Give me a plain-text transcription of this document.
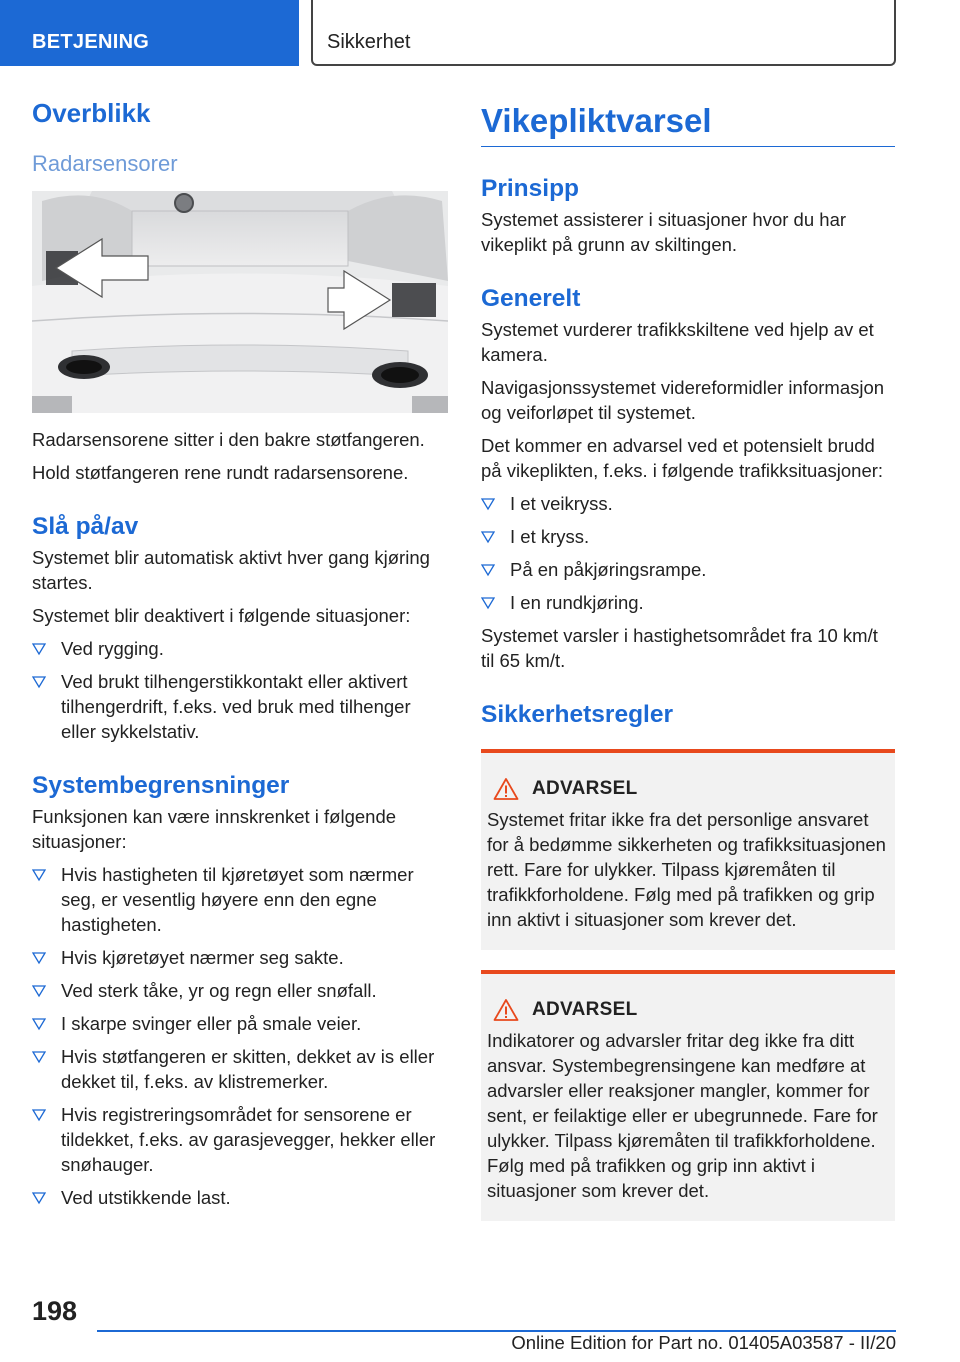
BETJENING	Sikkerhet
Overblikk
Radarsensorer

Radarsensorene sitter i den bakre støtfangeren.

Hold støtfangeren rene rundt radarsensorene.

Slå på/av

Systemet blir automatisk aktivt hver gang kjøring startes.

Systemet blir deaktivert i følgende situasjoner:

Ved rygging.
Ved brukt tilhengerstikkontakt eller aktivert tilhengerdrift, f.eks. ved bruk med tilhenger eller sykkelstativ.
Systembegrensninger

Funksjonen kan være innskrenket i følgende situasjoner:

Hvis hastigheten til kjøretøyet som nærmer seg, er vesentlig høyere enn den egne hastigheten.
Hvis kjøretøyet nærmer seg sakte.
Ved sterk tåke, yr og regn eller snøfall.
I skarpe svinger eller på smale veier.
Hvis støtfangeren er skitten, dekket av is eller dekket til, f.eks. av klistremerker.
Hvis registreringsområdet for sensorene er tildekket, f.eks. av garasjevegger, hekker eller snøhauger.
Ved utstikkende last.
Vikepliktvarsel
Prinsipp

Systemet assisterer i situasjoner hvor du har vikeplikt på grunn av skiltingen.

Generelt

Systemet vurderer trafikkskiltene ved hjelp av et kamera.

Navigasjonssystemet videreformidler informasjon og veiforløpet til systemet.

Det kommer en advarsel ved et potensielt brudd på vikeplikten, f.eks. i følgende trafikksituasjoner:

I et veikryss.
I et kryss.
På en påkjøringsrampe.
I en rundkjøring.

Systemet varsler i hastighetsområdet fra 10 km/t til 65 km/t.

Sikkerhetsregler
ADVARSEL

Systemet fritar ikke fra det personlige ansvaret for å bedømme sikkerheten og trafikksituasjonen rett. Fare for ulykker. Tilpass kjøremåten til trafikkforholdene. Følg med på trafikken og grip inn aktivt i situasjoner som krever det.

ADVARSEL

Indikatorer og advarsler fritar deg ikke fra ditt ansvar. Systembegrensingene kan medføre at advarsler eller reaksjoner mangler, kommer for sent, er feilaktige eller er ubegrunnede. Fare for ulykker. Tilpass kjøremåten til trafikkforholdene. Følg med på trafikken og grip inn aktivt i situasjoner som krever det.

198
Online Edition for Part no. 01405A03587 - II/20
